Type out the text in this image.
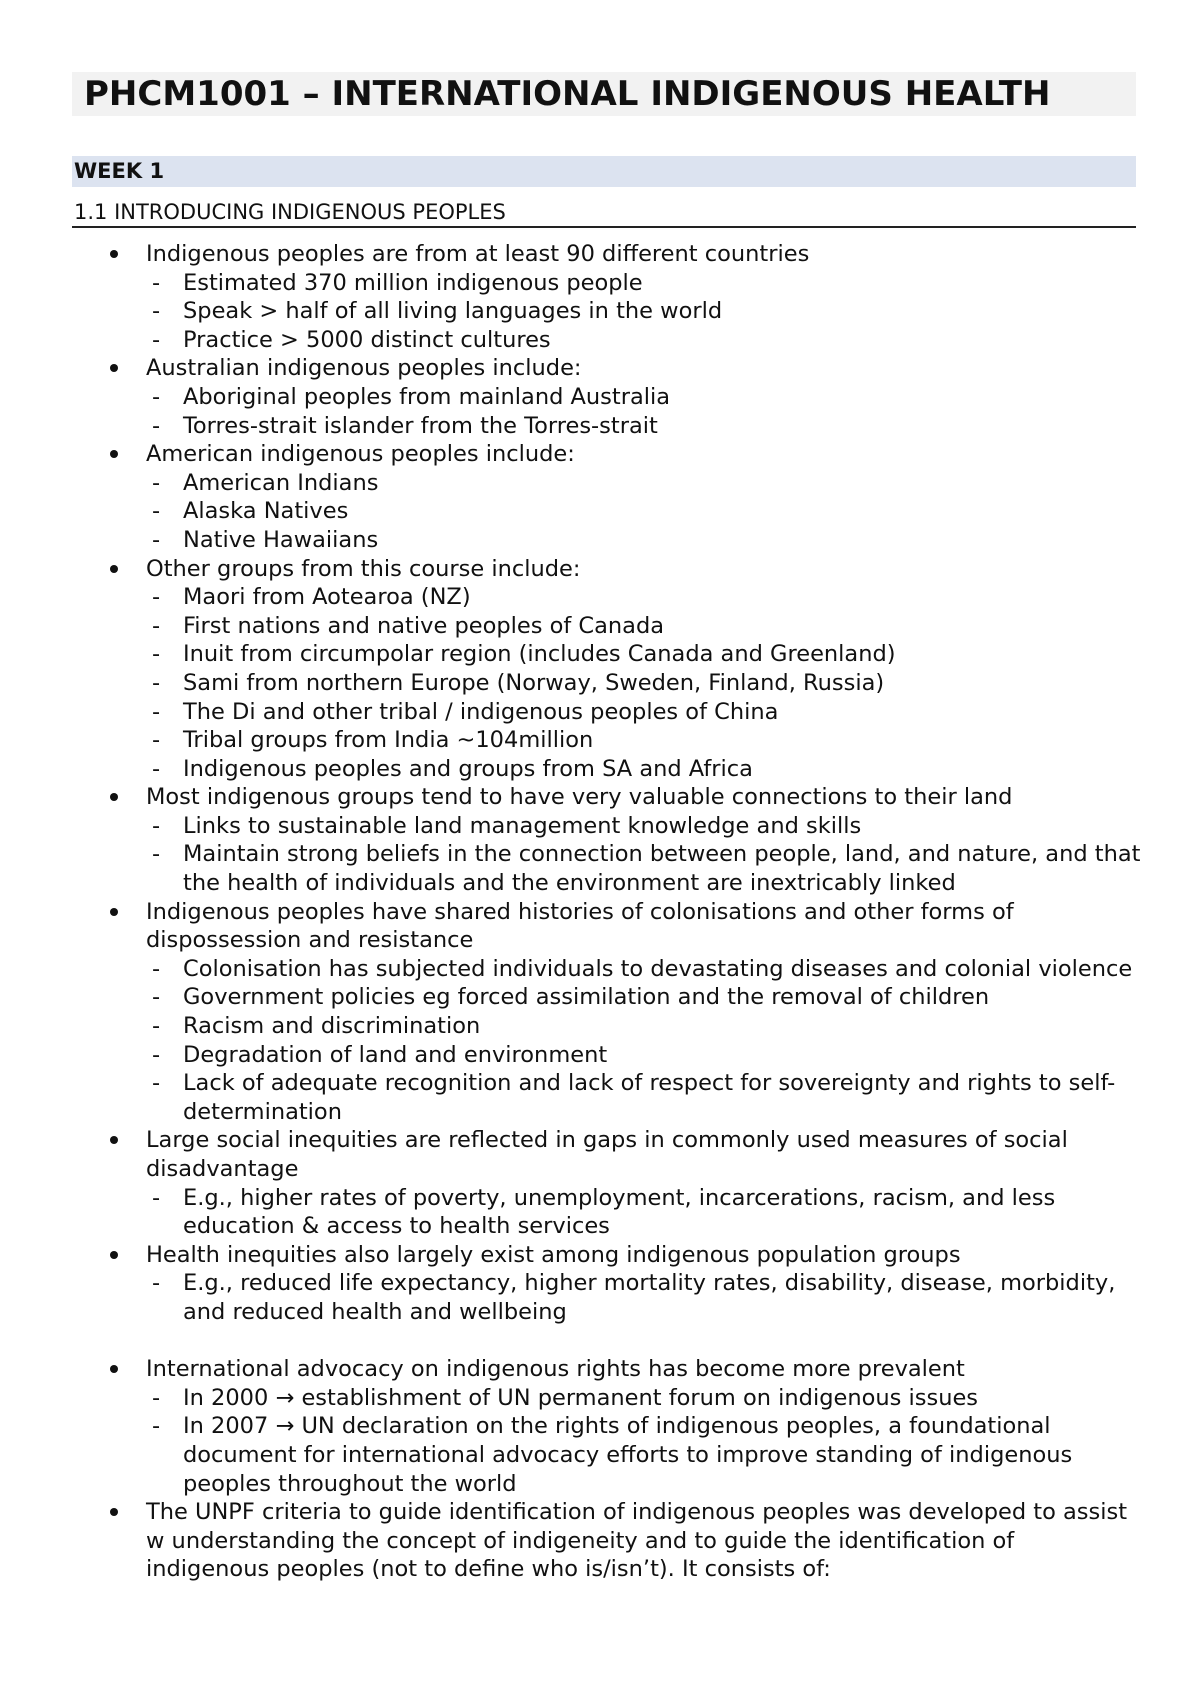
PHCM1001 – INTERNATIONAL INDIGENOUS HEALTH
WEEK 1
1.1 INTRODUCING INDIGENOUS PEOPLES
Indigenous peoples are from at least 90 different countries
- Estimated 370 million indigenous people
- Speak > half of all living languages in the world
- Practice > 5000 distinct cultures
Australian indigenous peoples include:
- Aboriginal peoples from mainland Australia
- Torres-strait islander from the Torres-strait
American indigenous peoples include:
- American Indians
- Alaska Natives
- Native Hawaiians
Other groups from this course include:
- Maori from Aotearoa (NZ)
- First nations and native peoples of Canada
- Inuit from circumpolar region (includes Canada and Greenland)
- Sami from northern Europe (Norway, Sweden, Finland, Russia)
- The Di and other tribal / indigenous peoples of China
- Tribal groups from India ~104million
- Indigenous peoples and groups from SA and Africa
Most indigenous groups tend to have very valuable connections to their land
- Links to sustainable land management knowledge and skills
- Maintain strong beliefs in the connection between people, land, and nature, and that the health of individuals and the environment are inextricably linked
Indigenous peoples have shared histories of colonisations and other forms of dispossession and resistance
- Colonisation has subjected individuals to devastating diseases and colonial violence
- Government policies eg forced assimilation and the removal of children
- Racism and discrimination
- Degradation of land and environment
- Lack of adequate recognition and lack of respect for sovereignty and rights to self-determination
Large social inequities are reflected in gaps in commonly used measures of social disadvantage
- E.g., higher rates of poverty, unemployment, incarcerations, racism, and less education & access to health services
Health inequities also largely exist among indigenous population groups
- E.g., reduced life expectancy, higher mortality rates, disability, disease, morbidity, and reduced health and wellbeing
International advocacy on indigenous rights has become more prevalent
- In 2000 → establishment of UN permanent forum on indigenous issues
- In 2007 → UN declaration on the rights of indigenous peoples, a foundational document for international advocacy efforts to improve standing of indigenous peoples throughout the world
The UNPF criteria to guide identification of indigenous peoples was developed to assist w understanding the concept of indigeneity and to guide the identification of indigenous peoples (not to define who is/isn’t). It consists of:
